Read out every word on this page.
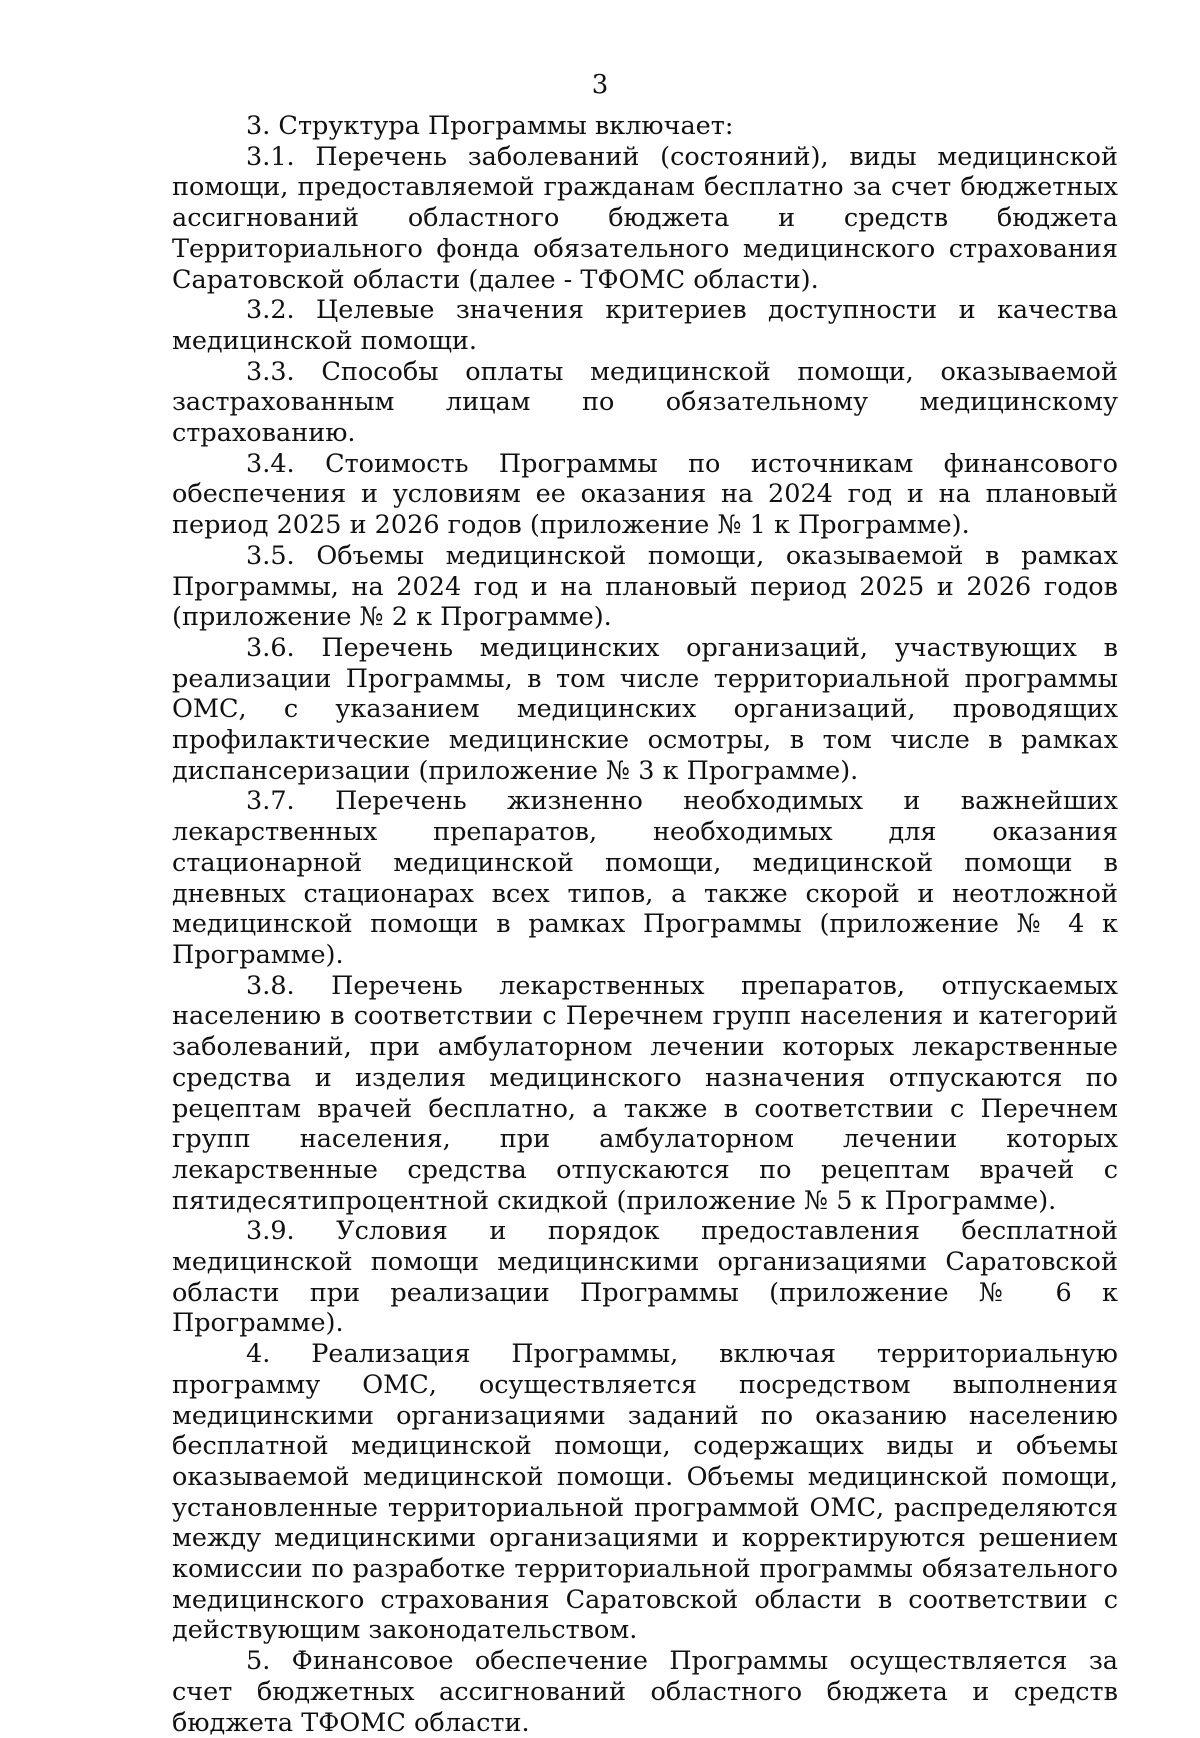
3

3. Структура Программы включает:

3.1. Перечень заболеваний (состояний), виды медицинской помощи, предоставляемой гражданам бесплатно за счет бюджетных ассигнований областного бюджета и средств бюджета Территориального фонда обязательного медицинского страхования Саратовской области (далее - ТФОМС области).

3.2. Целевые значения критериев доступности и качества медицинской помощи.

3.3. Способы оплаты медицинской помощи, оказываемой застрахованным лицам по обязательному медицинскому страхованию.

3.4. Стоимость Программы по источникам финансового обеспечения и условиям ее оказания на 2024 год и на плановый период 2025 и 2026 годов (приложение № 1 к Программе).

3.5. Объемы медицинской помощи, оказываемой в рамках Программы, на 2024 год и на плановый период 2025 и 2026 годов (приложение № 2 к Программе).

3.6. Перечень медицинских организаций, участвующих в реализации Программы, в том числе территориальной программы ОМС, с указанием медицинских организаций, проводящих профилактические медицинские осмотры, в том числе в рамках диспансеризации (приложение № 3 к Программе).

3.7. Перечень жизненно необходимых и важнейших лекарственных препаратов, необходимых для оказания стационарной медицинской помощи, медицинской помощи в дневных стационарах всех типов, а также скорой и неотложной медицинской помощи в рамках Программы (приложение № 4 к Программе).

3.8. Перечень лекарственных препаратов, отпускаемых населению в соответствии с Перечнем групп населения и категорий заболеваний, при амбулаторном лечении которых лекарственные средства и изделия медицинского назначения отпускаются по рецептам врачей бесплатно, а также в соответствии с Перечнем групп населения, при амбулаторном лечении которых лекарственные средства отпускаются по рецептам врачей с пятидесятипроцентной скидкой (приложение № 5 к Программе).

3.9. Условия и порядок предоставления бесплатной медицинской помощи медицинскими организациями Саратовской области при реализации Программы (приложение № 6 к Программе).

4. Реализация Программы, включая территориальную программу ОМС, осуществляется посредством выполнения медицинскими организациями заданий по оказанию населению бесплатной медицинской помощи, содержащих виды и объемы оказываемой медицинской помощи. Объемы медицинской помощи, установленные территориальной программой ОМС, распределяются между медицинскими организациями и корректируются решением комиссии по разработке территориальной программы обязательного медицинского страхования Саратовской области в соответствии с действующим законодательством.

5. Финансовое обеспечение Программы осуществляется за счет бюджетных ассигнований областного бюджета и средств бюджета ТФОМС области.
